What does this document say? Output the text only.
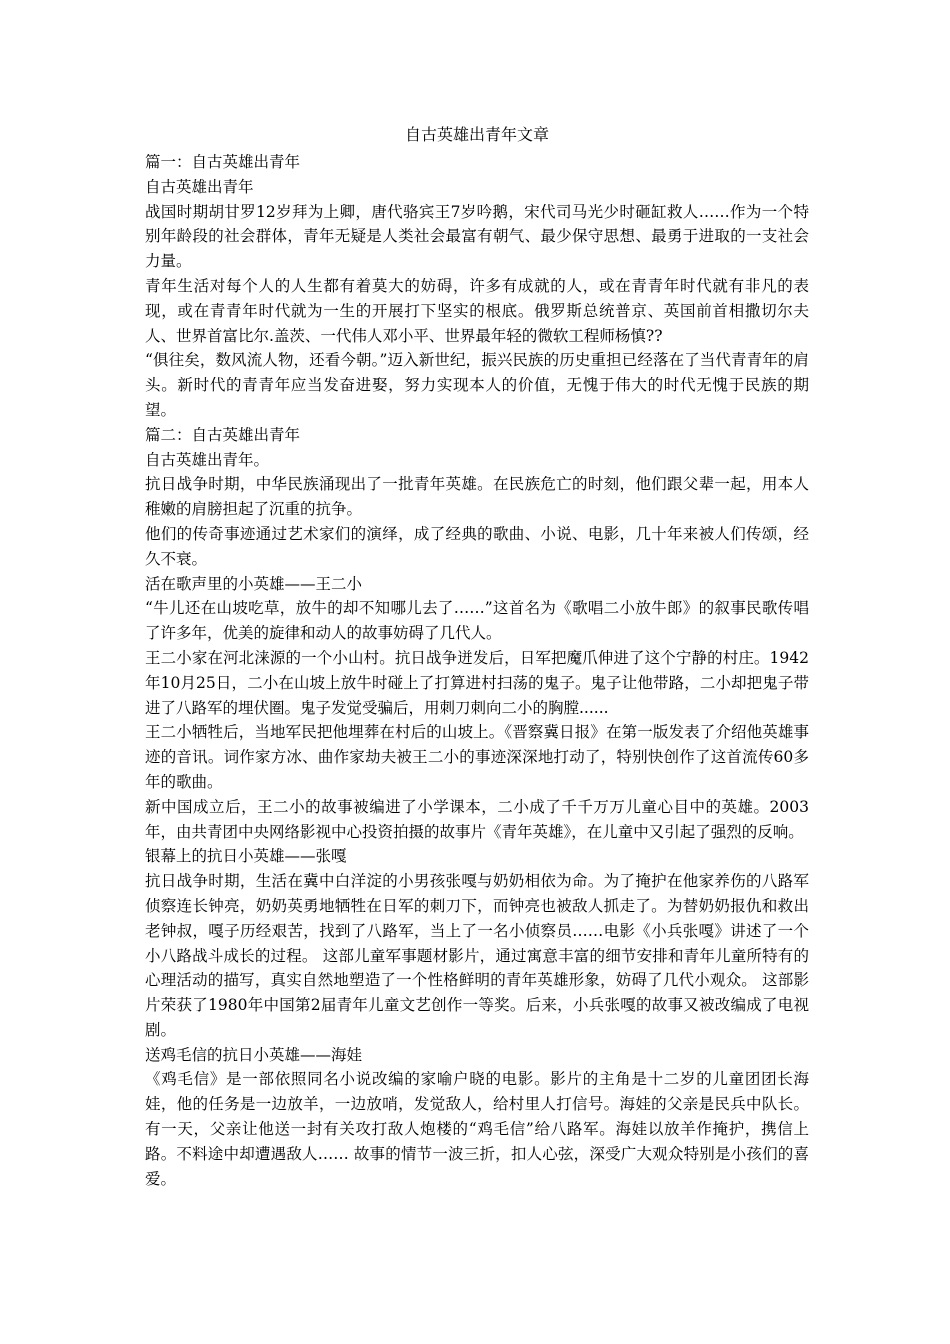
自古英雄出青年文章

篇一：自古英雄出青年

自古英雄出青年

战国时期胡甘罗12岁拜为上卿，唐代骆宾王7岁吟鹅，宋代司马光少时砸缸救人……作为一个特别年龄段的社会群体，青年无疑是人类社会最富有朝气、最少保守思想、最勇于进取的一支社会力量。

青年生活对每个人的人生都有着莫大的妨碍，许多有成就的人，或在青青年时代就有非凡的表现，或在青青年时代就为一生的开展打下坚实的根底。俄罗斯总统普京、英国前首相撒切尔夫人、世界首富比尔.盖茨、一代伟人邓小平、世界最年轻的微软工程师杨慎??

“俱往矣，数风流人物，还看今朝。”迈入新世纪，振兴民族的历史重担已经落在了当代青青年的肩头。新时代的青青年应当发奋进娶，努力实现本人的价值，无愧于伟大的时代无愧于民族的期望。

篇二：自古英雄出青年

自古英雄出青年。

抗日战争时期，中华民族涌现出了一批青年英雄。在民族危亡的时刻，他们跟父辈一起，用本人稚嫩的肩膀担起了沉重的抗争。

他们的传奇事迹通过艺术家们的演绎，成了经典的歌曲、小说、电影，几十年来被人们传颂，经久不衰。

活在歌声里的小英雄——王二小

“牛儿还在山坡吃草，放牛的却不知哪儿去了……”这首名为《歌唱二小放牛郎》的叙事民歌传唱了许多年，优美的旋律和动人的故事妨碍了几代人。

王二小家在河北涞源的一个小山村。抗日战争迸发后，日军把魔爪伸进了这个宁静的村庄。1942年10月25日，二小在山坡上放牛时碰上了打算进村扫荡的鬼子。鬼子让他带路，二小却把鬼子带进了八路军的埋伏圈。鬼子发觉受骗后，用刺刀刺向二小的胸膛......

王二小牺牲后，当地军民把他埋葬在村后的山坡上。《晋察冀日报》在第一版发表了介绍他英雄事迹的音讯。词作家方冰、曲作家劫夫被王二小的事迹深深地打动了，特别快创作了这首流传60多年的歌曲。

新中国成立后，王二小的故事被编进了小学课本，二小成了千千万万儿童心目中的英雄。2003年，由共青团中央网络影视中心投资拍摄的故事片《青年英雄》，在儿童中又引起了强烈的反响。

银幕上的抗日小英雄——张嘎

抗日战争时期，生活在冀中白洋淀的小男孩张嘎与奶奶相依为命。为了掩护在他家养伤的八路军侦察连长钟亮，奶奶英勇地牺牲在日军的刺刀下，而钟亮也被敌人抓走了。为替奶奶报仇和救出老钟叔，嘎子历经艰苦，找到了八路军，当上了一名小侦察员……电影《小兵张嘎》讲述了一个小八路战斗成长的过程。 这部儿童军事题材影片，通过寓意丰富的细节安排和青年儿童所特有的心理活动的描写，真实自然地塑造了一个性格鲜明的青年英雄形象，妨碍了几代小观众。 这部影片荣获了1980年中国第2届青年儿童文艺创作一等奖。后来，小兵张嘎的故事又被改编成了电视剧。

送鸡毛信的抗日小英雄——海娃

《鸡毛信》是一部依照同名小说改编的家喻户晓的电影。影片的主角是十二岁的儿童团团长海娃，他的任务是一边放羊，一边放哨，发觉敌人，给村里人打信号。海娃的父亲是民兵中队长。有一天，父亲让他送一封有关攻打敌人炮楼的“鸡毛信”给八路军。海娃以放羊作掩护，携信上路。不料途中却遭遇敌人…… 故事的情节一波三折，扣人心弦，深受广大观众特别是小孩们的喜爱。
